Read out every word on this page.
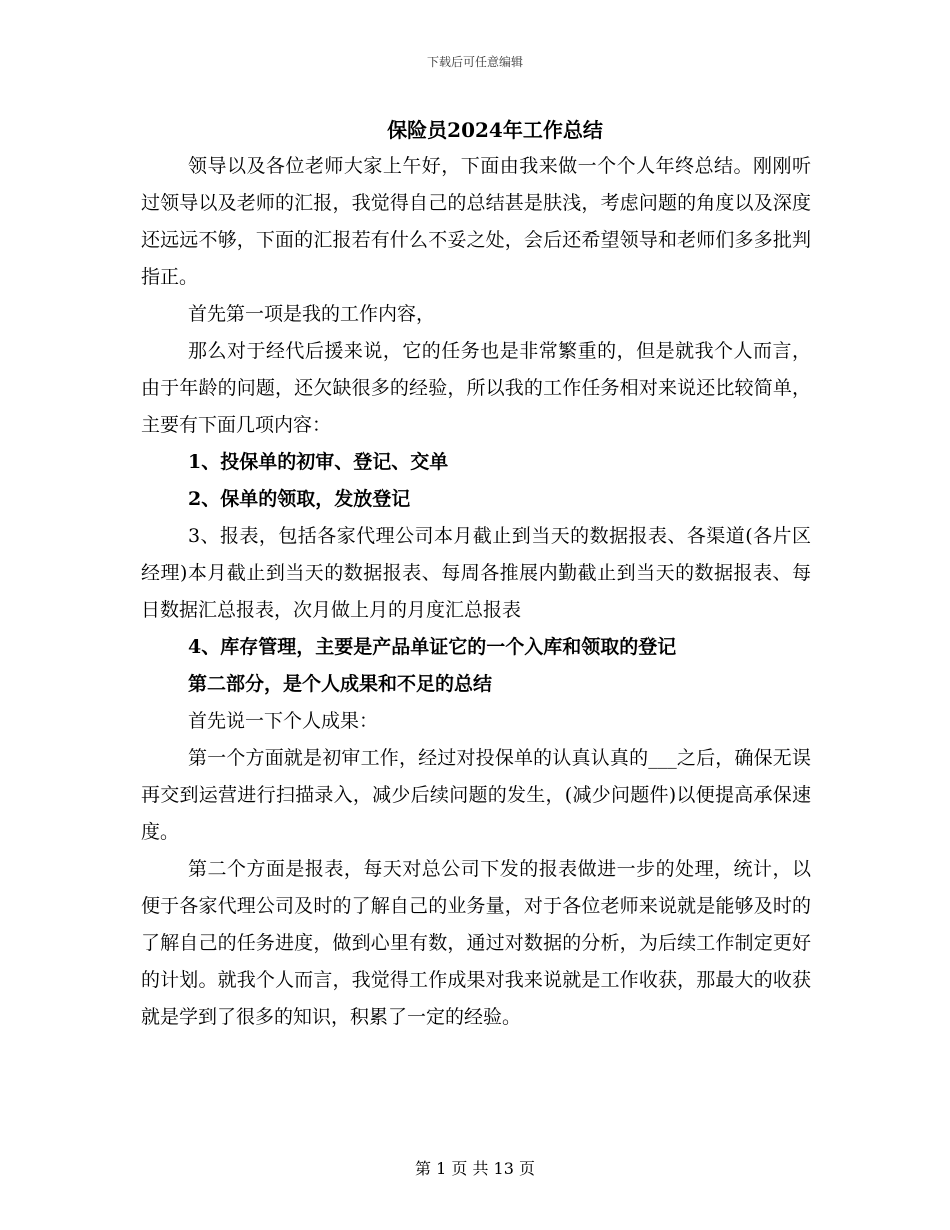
下载后可任意编辑
保险员2024年工作总结

领导以及各位老师大家上午好，下面由我来做一个个人年终总结。刚刚听过领导以及老师的汇报，我觉得自己的总结甚是肤浅，考虑问题的角度以及深度还远远不够，下面的汇报若有什么不妥之处，会后还希望领导和老师们多多批判指正。

首先第一项是我的工作内容，

那么对于经代后援来说，它的任务也是非常繁重的，但是就我个人而言，由于年龄的问题，还欠缺很多的经验，所以我的工作任务相对来说还比较简单，主要有下面几项内容：

1、投保单的初审、登记、交单

2、保单的领取，发放登记

3、报表，包括各家代理公司本月截止到当天的数据报表、各渠道(各片区经理)本月截止到当天的数据报表、每周各推展内勤截止到当天的数据报表、每日数据汇总报表，次月做上月的月度汇总报表

4、库存管理，主要是产品单证它的一个入库和领取的登记

第二部分，是个人成果和不足的总结

首先说一下个人成果：

第一个方面就是初审工作，经过对投保单的认真认真的___之后，确保无误再交到运营进行扫描录入，减少后续问题的发生，(减少问题件)以便提高承保速度。

第二个方面是报表，每天对总公司下发的报表做进一步的处理，统计，以便于各家代理公司及时的了解自己的业务量，对于各位老师来说就是能够及时的了解自己的任务进度，做到心里有数，通过对数据的分析，为后续工作制定更好的计划。就我个人而言，我觉得工作成果对我来说就是工作收获，那最大的收获就是学到了很多的知识，积累了一定的经验。

第 1 页 共 13 页
